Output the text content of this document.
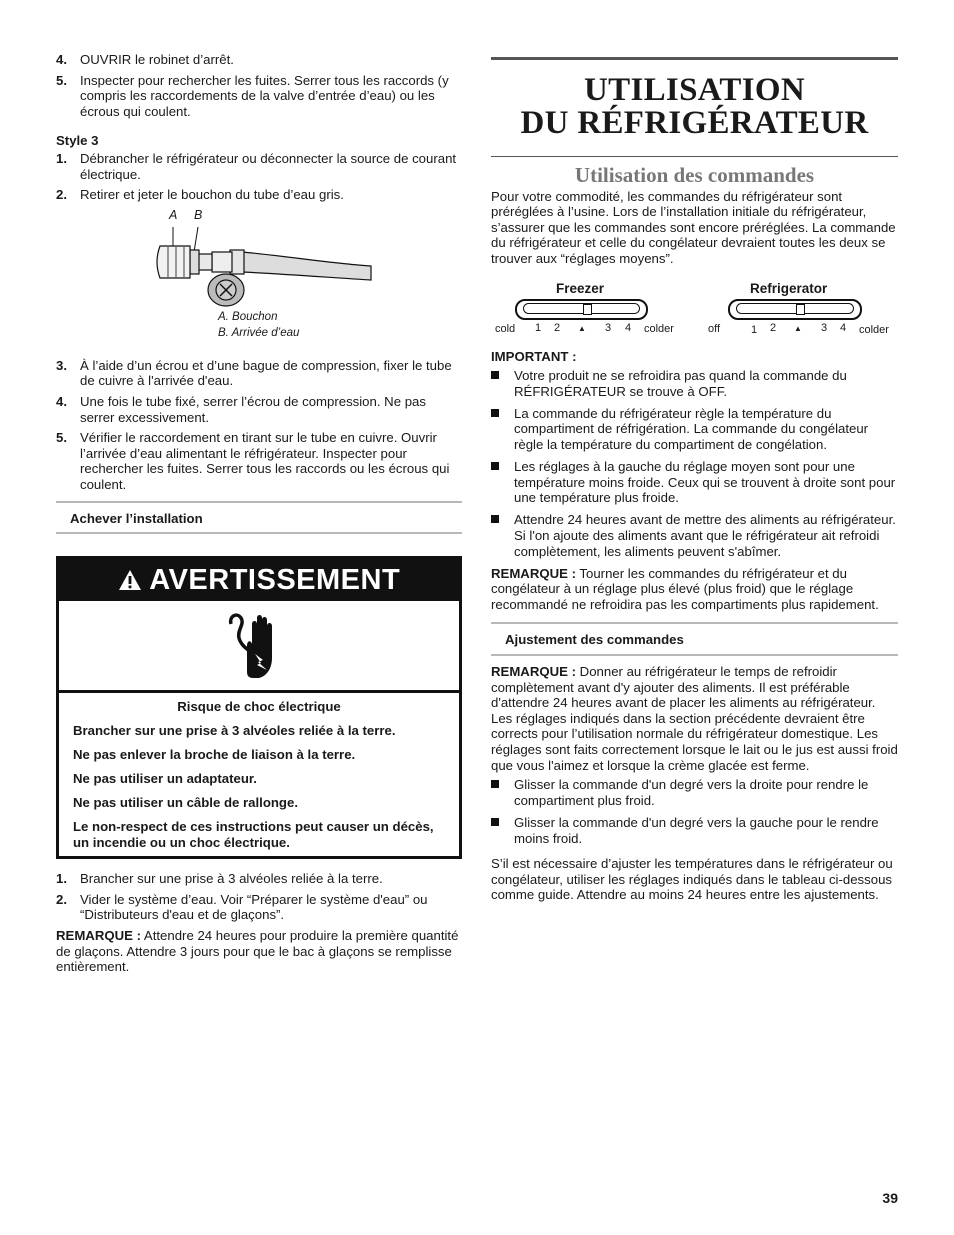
4. OUVRIR le robinet d’arrêt.
5. Inspecter pour rechercher les fuites. Serrer tous les raccords (y compris les raccordements de la valve d’entrée d’eau) ou les écrous qui coulent.
Style 3
1. Débrancher le réfrigérateur ou déconnecter la source de courant électrique.
2. Retirer et jeter le bouchon du tube d’eau gris.
A B
A. Bouchon
B. Arrivée d’eau
3. À l’aide d’un écrou et d’une bague de compression, fixer le tube de cuivre à l'arrivée d'eau.
4. Une fois le tube fixé, serrer l’écrou de compression. Ne pas serrer excessivement.
5. Vérifier le raccordement en tirant sur le tube en cuivre. Ouvrir l’arrivée d’eau alimentant le réfrigérateur. Inspecter pour rechercher les fuites. Serrer tous les raccords ou les écrous qui coulent.
Achever l’installation
AVERTISSEMENT

Risque de choc électrique

Brancher sur une prise à 3 alvéoles reliée à la terre.

Ne pas enlever la broche de liaison à la terre.

Ne pas utiliser un adaptateur.

Ne pas utiliser un câble de rallonge.

Le non-respect de ces instructions peut causer un décès, un incendie ou un choc électrique.

1. Brancher sur une prise à 3 alvéoles reliée à la terre.
2. Vider le système d’eau. Voir “Préparer le système d'eau” ou “Distributeurs d'eau et de glaçons”.

REMARQUE : Attendre 24 heures pour produire la première quantité de glaçons. Attendre 3 jours pour que le bac à glaçons se remplisse entièrement.

UTILISATION
DU RÉFRIGÉRATEUR
Utilisation des commandes

Pour votre commodité, les commandes du réfrigérateur sont préréglées à l’usine. Lors de l’installation initiale du réfrigérateur, s’assurer que les commandes sont encore préréglées. La commande du réfrigérateur et celle du congélateur devraient toutes les deux se trouver aux “réglages moyens”.

Freezer
cold 1 2 ▲ 3 4 colder
Refrigerator
off	1 2 ▲ 3 4 colder
IMPORTANT :
Votre produit ne se refroidira pas quand la commande du RÉFRIGÉRATEUR se trouve à OFF.
La commande du réfrigérateur règle la température du compartiment de réfrigération. La commande du congélateur règle la température du compartiment de congélation.
Les réglages à la gauche du réglage moyen sont pour une température moins froide. Ceux qui se trouvent à droite sont pour une température plus froide.
Attendre 24 heures avant de mettre des aliments au réfrigérateur. Si l'on ajoute des aliments avant que le réfrigérateur ait refroidi complètement, les aliments peuvent s'abîmer.

REMARQUE : Tourner les commandes du réfrigérateur et du congélateur à un réglage plus élevé (plus froid) que le réglage recommandé ne refroidira pas les compartiments plus rapidement.

Ajustement des commandes

REMARQUE : Donner au réfrigérateur le temps de refroidir complètement avant d'y ajouter des aliments. Il est préférable d'attendre 24 heures avant de placer les aliments au réfrigérateur. Les réglages indiqués dans la section précédente devraient être corrects pour l’utilisation normale du réfrigérateur domestique. Les réglages sont faits correctement lorsque le lait ou le jus est aussi froid que vous l'aimez et lorsque la crème glacée est ferme.

Glisser la commande d'un degré vers la droite pour rendre le compartiment plus froid.
Glisser la commande d'un degré vers la gauche pour le rendre moins froid.

S’il est nécessaire d’ajuster les températures dans le réfrigérateur ou congélateur, utiliser les réglages indiqués dans le tableau ci-dessous comme guide. Attendre au moins 24 heures entre les ajustements.

39
